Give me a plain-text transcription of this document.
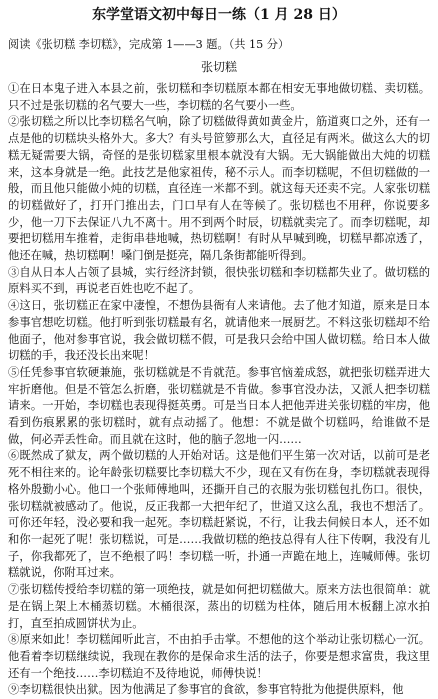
东学堂语文初中每日一练（1 月 28 日）
阅读《张切糕 李切糕》，完成第 1——3 题。（共 15 分）
张切糕

①在日本鬼子进入本县之前，张切糕和李切糕原本都在相安无事地做切糕、卖切糕。只不过是张切糕的名气要大一些，李切糕的名气要小一些。

②张切糕之所以比李切糕名气响，除了切糕做得黄如黄金片，筋道爽口之外，还有一点是他的切糕块头格外大。多大？有头号笸箩那么大，直径足有两米。做这么大的切糕无疑需要大锅，奇怪的是张切糕家里根本就没有大锅。无大锅能做出大炖的切糕来，这本身就是一绝。此技艺是他家祖传，秘不示人。而李切糕呢，不但切糕做的一般，而且他只能做小炖的切糕，直径连一米都不到。就这每天还卖不完。人家张切糕的切糕做好了，打开门推出去，门口早有人在等候了。张切糕也不用秤，你说要多少，他一刀下去保证八九不离十。用不到两个时辰，切糕就卖完了。而李切糕呢，却要把切糕用车推着，走街串巷地喊，热切糕啊！有时从早喊到晚，切糕早都凉透了，他还在喊，热切糕啊！嗓门倒是挺亮，隔几条街都能听得到。

③自从日本人占领了县城，实行经济封锁，很快张切糕和李切糕都失业了。做切糕的原料买不到，再说老百姓也吃不起了。

④这日，张切糕正在家中凄惶，不想伪县衙有人来请他。去了他才知道，原来是日本参事官想吃切糕。他打听到张切糕最有名，就请他来一展厨艺。不料这张切糕却不给他面子，他对参事官说，我会做切糕不假，可是我只会给中国人做切糕。给日本人做切糕的手，我还没长出来呢！

⑤任凭参事官软硬兼施，张切糕就是不肯就范。参事官恼羞成怒，就把张切糕弄进大牢折磨他。但是不管怎么折磨，张切糕就是不肯做。参事官没办法，又派人把李切糕请来。一开始，李切糕也表现得挺英勇。可是当日本人把他弄进关张切糕的牢房，他看到伤痕累累的张切糕时，就有点动摇了。他想：不就是做个切糕吗，给谁做不是做，何必弄丢性命。而且就在这时，他的脑子忽地一闪……

⑥既然成了狱友，两个做切糕的人开始对话。这是他们平生第一次对话，以前可是老死不相往来的。论年龄张切糕要比李切糕大不少，现在又有伤在身，李切糕就表现得格外殷勤小心。他口一个张师傅地叫，还撕开自己的衣服为张切糕包扎伤口。很快，张切糕就被感动了。他说，反正我都一大把年纪了，世道又这么乱，我也不想活了。可你还年轻，没必要和我一起死。李切糕赶紧说，不行，让我去伺候日本人，还不如和你一起死了呢！张切糕说，可是……我做切糕的绝技总得有人往下传啊，我没有儿子，你我都死了，岂不绝根了吗！李切糕一听，扑通一声跪在地上，连喊师傅。张切糕就说，你附耳过来。

⑦张切糕传授给李切糕的第一项绝技，就是如何把切糕做大。原来方法也很简单：就是在锅上架上木桶蒸切糕。木桶很深，蒸出的切糕为柱体，随后用木板翻上凉水拍打，直至拍成圆饼状为止。

⑧原来如此！李切糕闻听此言，不由拍手击掌。不想他的这个举动让张切糕心一沉。他看着李切糕继续说，我现在教你的是保命求生活的法子，你要是想求富贵，我这里还有一个绝技……李切糕迫不及待地说，师傅快说！

⑨李切糕很快出狱。因为他满足了参事官的食欲，参事官特批为他提供原料，他
